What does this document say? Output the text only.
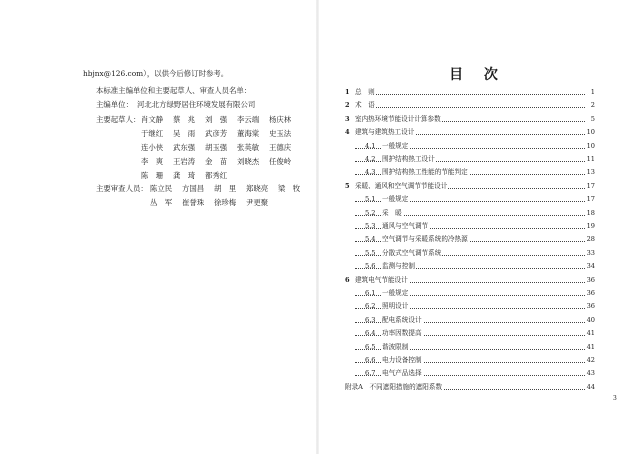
hbjnx@126.com），以供今后修订时参考。
本标准主编单位和主要起草人、审查人员名单：
主编单位： 河北北方绿野居住环境发展有限公司
主要起草人： 肖文静 蔡　兆 刘　强 李云端 杨庆林
于继红 吴　雨 武彦芳 董海棠 史玉法
连小侠 武东强 胡玉强 张英敏 王德庆
李　爽 王岩涛 金　苗 刘晓杰 任俊岭
陈　珊 龚　琦 都秀红
主要审查人员： 陈立民 方国昌 胡　里 郑晓亮 梁　牧
丛　军 崔誉珠 徐珍梅 尹更聚
目 次
1 总　则	1
2 术　语	2
3 室内热环境节能设计计算参数	5
4 建筑与建筑热工设计	10
4.1 一般规定	10
4.2 围护结构热工设计	11
4.3 围护结构热工性能的节能判定	13
5 采暖、通风和空气调节节能设计	17
5.1 一般规定	17
5.2 采　暖	18
5.3 通风与空气调节	19
5.4 空气调节与采暖系统的冷热源	28
5.5 分散式空气调节系统	33
5.6 监测与控制	34
6 建筑电气节能设计	36
6.1 一般规定	36
6.2 照明设计	36
6.3 配电系统设计	40
6.4 功率因数提高	41
6.5 谐波限制	41
6.6 电力设备控制	42
6.7 电气产品选择	43
附录A　不同遮阳措施的遮阳系数	44
3
